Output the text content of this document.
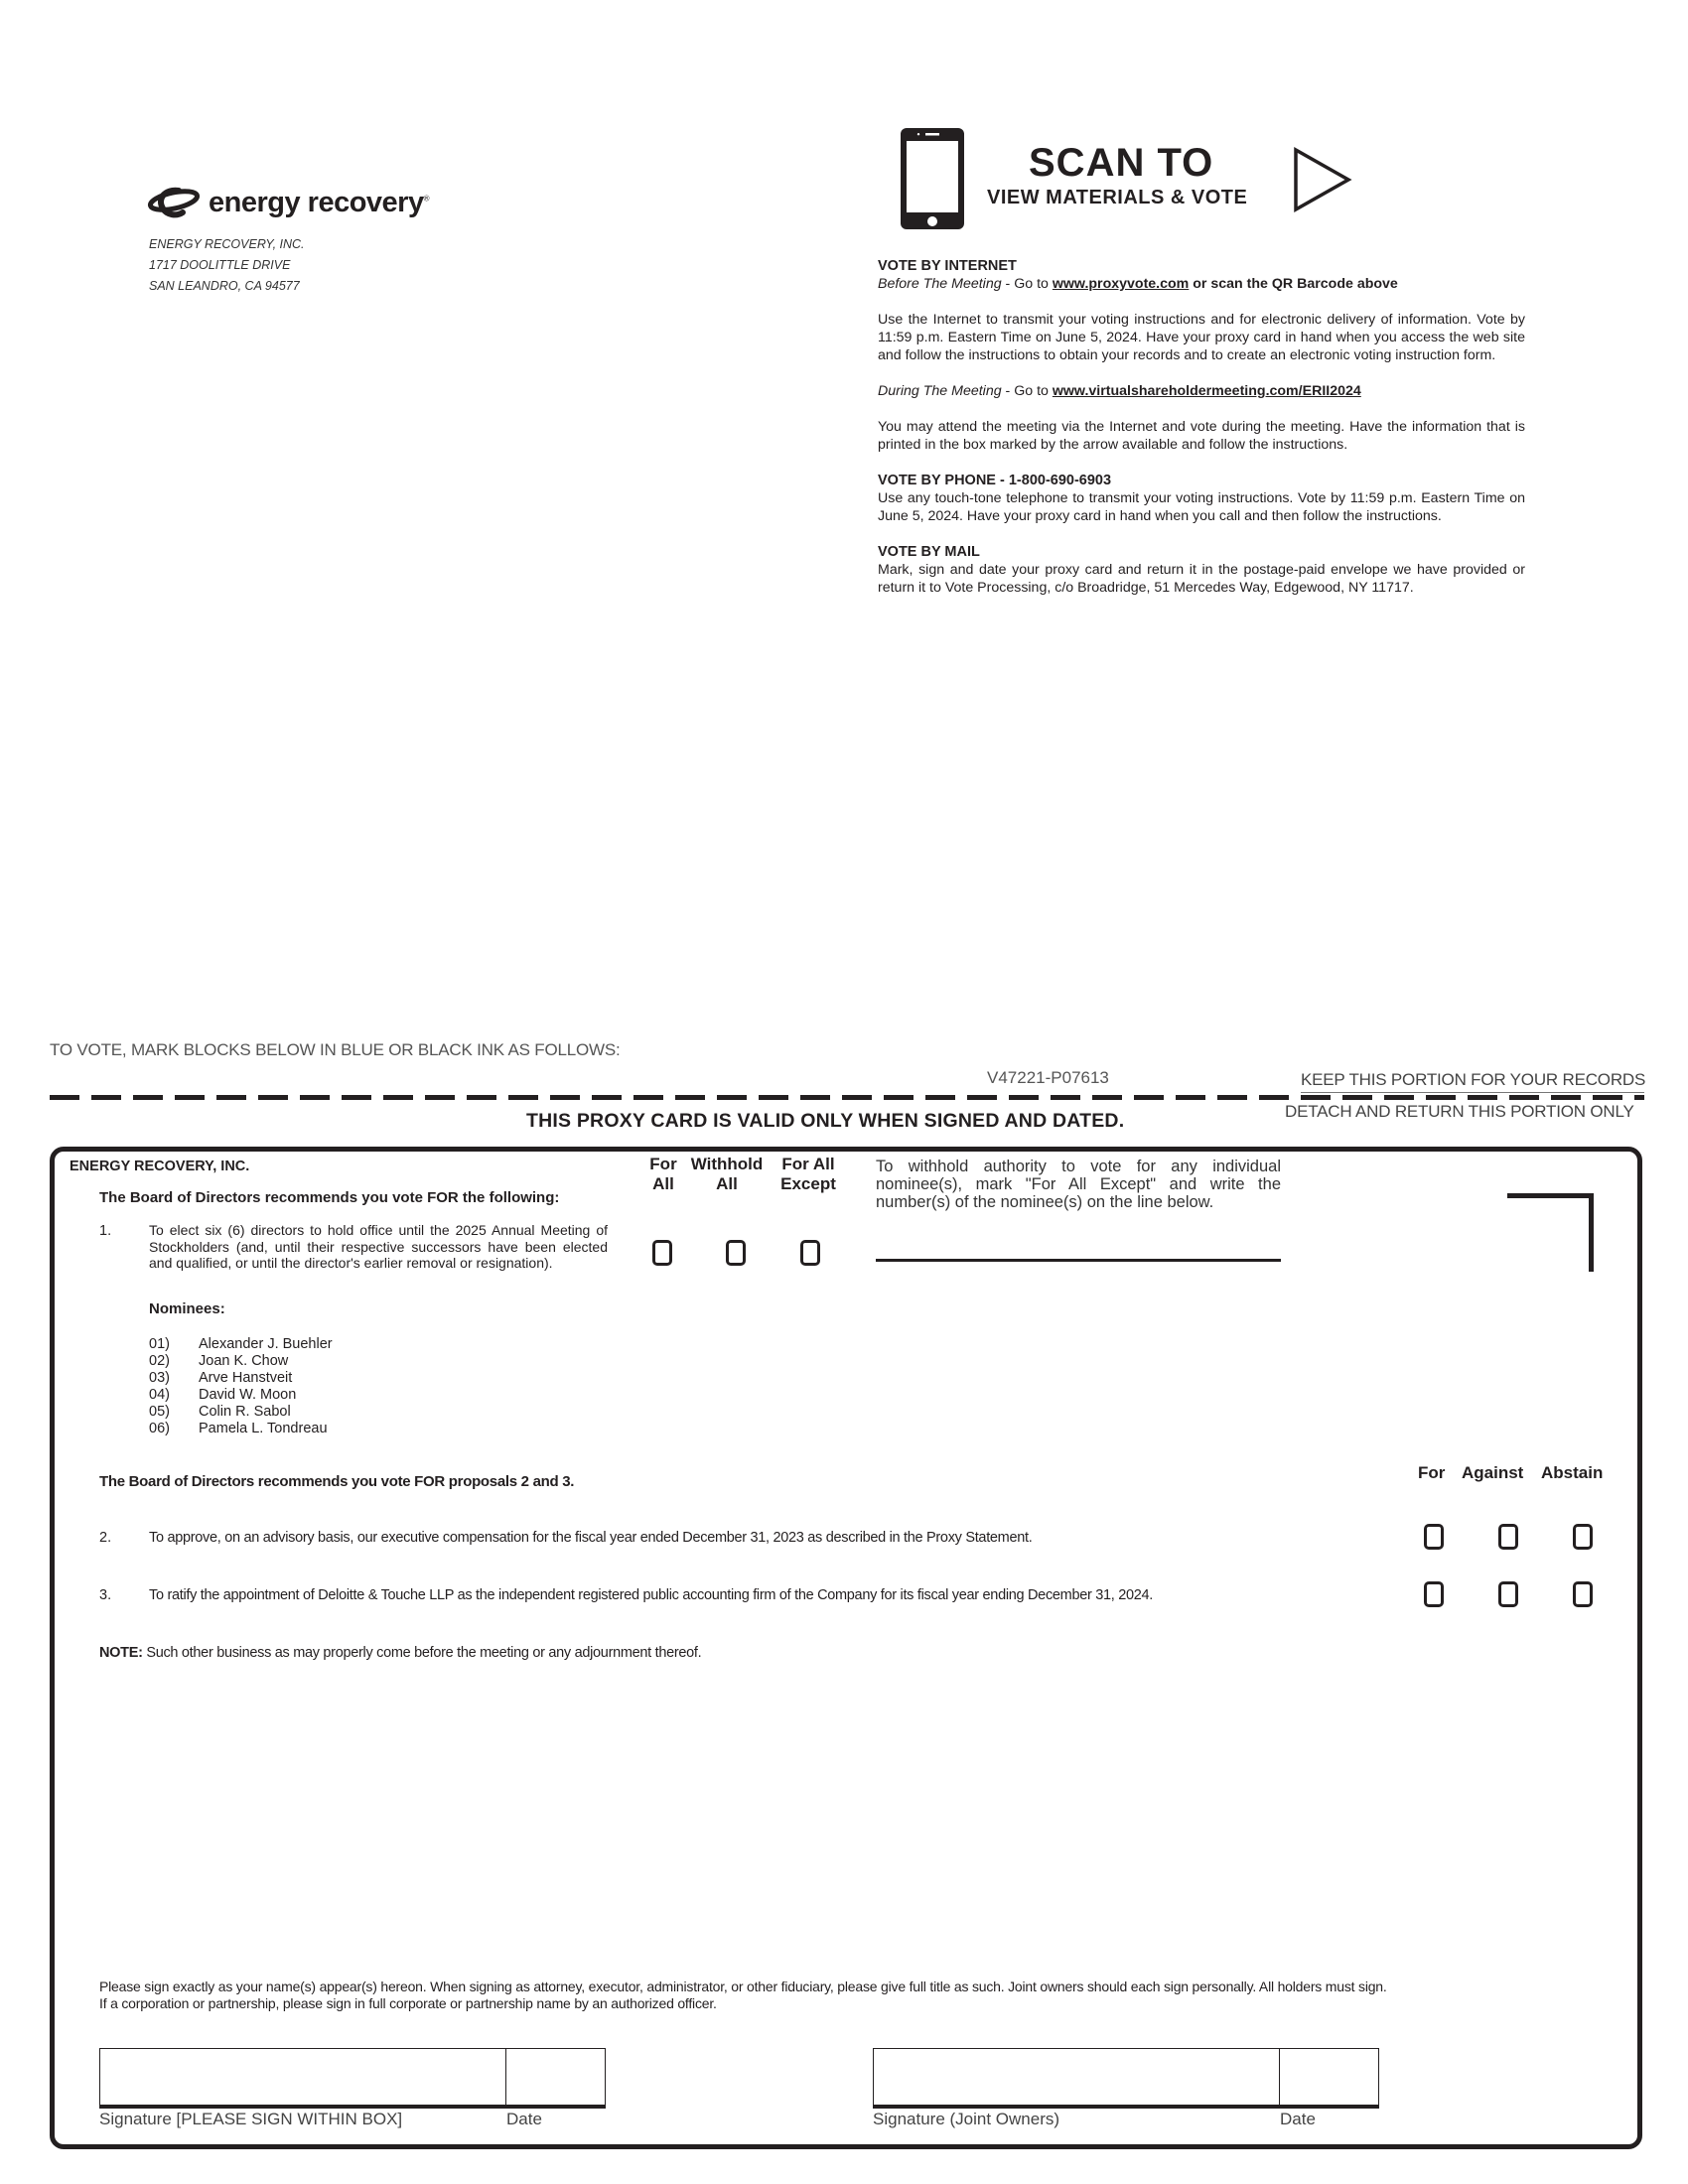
energy recovery®
ENERGY RECOVERY, INC.
1717 DOOLITTLE DRIVE
SAN LEANDRO, CA 94577
SCAN TO
VIEW MATERIALS & VOTE

VOTE BY INTERNET

Before The Meeting - Go to www.proxyvote.com or scan the QR Barcode above

Use the Internet to transmit your voting instructions and for electronic delivery of information. Vote by 11:59 p.m. Eastern Time on June 5, 2024. Have your proxy card in hand when you access the web site and follow the instructions to obtain your records and to create an electronic voting instruction form.

During The Meeting - Go to www.virtualshareholdermeeting.com/ERII2024

You may attend the meeting via the Internet and vote during the meeting. Have the information that is printed in the box marked by the arrow available and follow the instructions.

VOTE BY PHONE - 1-800-690-6903

Use any touch-tone telephone to transmit your voting instructions. Vote by 11:59 p.m. Eastern Time on June 5, 2024. Have your proxy card in hand when you call and then follow the instructions.

VOTE BY MAIL

Mark, sign and date your proxy card and return it in the postage-paid envelope we have provided or return it to Vote Processing, c/o Broadridge, 51 Mercedes Way, Edgewood, NY 11717.

TO VOTE, MARK BLOCKS BELOW IN BLUE OR BLACK INK AS FOLLOWS:
V47221-P07613	KEEP THIS PORTION FOR YOUR RECORDS
DETACH AND RETURN THIS PORTION ONLY
THIS PROXY CARD IS VALID ONLY WHEN SIGNED AND DATED.
ENERGY RECOVERY, INC.
The Board of Directors recommends you vote FOR the following:
1.	To elect six (6) directors to hold office until the 2025 Annual Meeting of Stockholders (and, until their respective successors have been elected and qualified, or until the director's earlier removal or resignation).
Nominees:
01)	Alexander J. Buehler
02)	Joan K. Chow
03)	Arve Hanstveit
04)	David W. Moon
05)	Colin R. Sabol
06)	Pamela L. Tondreau
For
All
Withhold
All
For All
Except
To withhold authority to vote for any individual nominee(s), mark "For All Except" and write the number(s) of the nominee(s) on the line below.
The Board of Directors recommends you vote FOR proposals 2 and 3.	For Against Abstain
2.	To approve, on an advisory basis, our executive compensation for the fiscal year ended December 31, 2023 as described in the Proxy Statement.
3.	To ratify the appointment of Deloitte & Touche LLP as the independent registered public accounting firm of the Company for its fiscal year ending December 31, 2024.
NOTE: Such other business as may properly come before the meeting or any adjournment thereof.
Please sign exactly as your name(s) appear(s) hereon. When signing as attorney, executor, administrator, or other fiduciary, please give full title as such. Joint owners should each sign personally. All holders must sign. If a corporation or partnership, please sign in full corporate or partnership name by an authorized officer.
Signature [PLEASE SIGN WITHIN BOX]	Date	Signature (Joint Owners)	Date
